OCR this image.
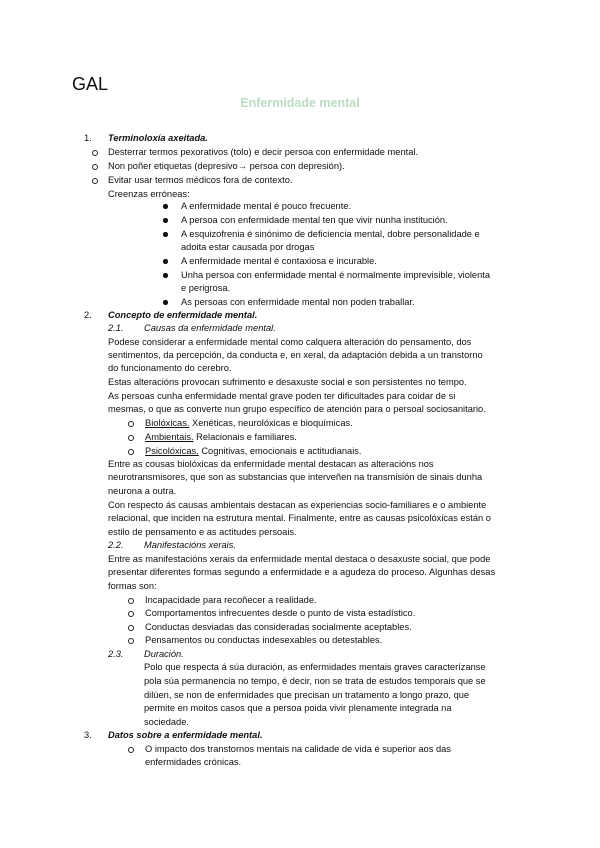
GAL
Enfermidade mental
1. Terminoloxía axeitada.
Desterrar termos pexorativos (tolo) e decir persoa con enfermidade mental.
Non poñer etiquetas (depresivo→ persoa con depresión).
Evitar usar termos médicos fora de contexto.
Creenzas erróneas:
A enfermidade mental é pouco frecuente.
A persoa con enfermidade mental ten que vivir nunha institución.
A esquizofrenia é sinónimo de deficiencia mental, dobre personalidade e
adoita estar causada por drogas
A enfermidade mental é contaxiosa e incurable.
Unha persoa con enfermidade mental é normalmente imprevisible, violenta
e perigrosa.
As persoas con enfermidade mental non poden traballar.
2. Concepto de enfermidade mental.
2.1. Causas da enfermidade mental.
Podese considerar a enfermidade mental como calquera alteración do pensamento, dos
sentimentos, da percepción, da conducta e, en xeral, da adaptación debida a un transtorno
do funcionamento do cerebro.
Estas alteracións provocan sufrimento e desaxuste social e son persistentes no tempo.
As persoas cunha enfermidade mental grave poden ter dificultades para coidar de si
mesmas, o que as converte nun grupo específico de atención para o persoal sociosanitario.
Biolóxicas. Xenéticas, neurolóxicas e bioquímicas.
Ambientais. Relacionais e familiares.
Psicolóxicas. Cognitivas, emocionais e actitudianais.
Entre as cousas biolóxicas da enfermidade mental destacan as alteracións nos
neurotransmisores, que son as substancias que interveñen na transmisión de sinais dunha
neurona a outra.
Con respecto ás causas ambientais destacan as experiencias socio-familiares e o ambiente
relacional, que inciden na estrutura mental. Finalmente, entre as causas psicolóxicas están o
estilo de pensamento e as actitudes persoais.
2.2. Manifestacións xerais.
Entre as manifestacións xerais da enfermidade mental destaca o desaxuste social, que pode
presentar diferentes formas segundo a enfermidade e a agudeza do proceso. Algunhas desas
formas son:
Incapacidade para recoñecer a realidade.
Comportamentos infrecuentes desde o punto de vista estadístico.
Conductas desviadas das consideradas socialmente aceptables.
Pensamentos ou conductas indesexables ou detestables.
2.3. Duración.
Polo que respecta á súa duración, as enfermidades mentais graves caracterízanse
pola súa permanencia no tempo, é decir, non se trata de estudos temporais que se
dilúen, se non de enfermidades que precisan un tratamento a longo prazo, que
permite en moitos casos que a persoa poida vivir plenamente integrada na
sociedade.
3. Datos sobre a enfermidade mental.
O impacto dos transtornos mentais na calidade de vida é superior aos das
enfermidades crónicas.
